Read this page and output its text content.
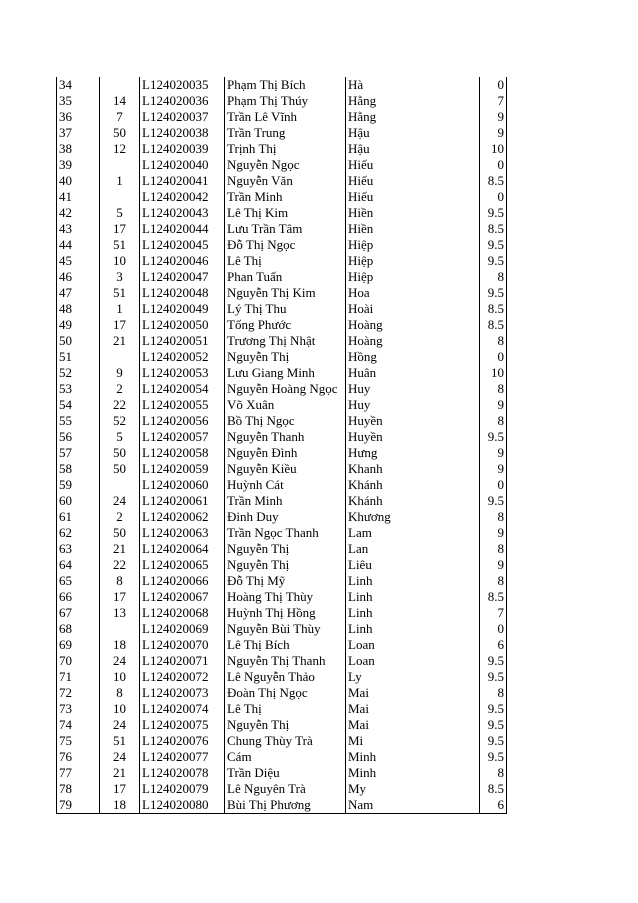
34		L124020035	Phạm Thị Bích	Hà		0
35	14	L124020036	Phạm Thị Thúy	Hằng		7
36	7	L124020037	Trần Lê Vĩnh	Hằng		9
37	50	L124020038	Trần Trung	Hậu		9
38	12	L124020039	Trịnh Thị	Hậu		10
39		L124020040	Nguyễn Ngọc	Hiếu		0
40	1	L124020041	Nguyễn Văn	Hiếu		8.5
41		L124020042	Trần Minh	Hiếu		0
42	5	L124020043	Lê Thị Kim	Hiền		9.5
43	17	L124020044	Lưu Trần Tâm	Hiền		8.5
44	51	L124020045	Đỗ Thị Ngọc	Hiệp		9.5
45	10	L124020046	Lê Thị	Hiệp		9.5
46	3	L124020047	Phan Tuấn	Hiệp		8
47	51	L124020048	Nguyễn Thị Kim	Hoa		9.5
48	1	L124020049	Lý Thị Thu	Hoài		8.5
49	17	L124020050	Tống Phước	Hoàng		8.5
50	21	L124020051	Trương Thị Nhật	Hoàng		8
51		L124020052	Nguyễn Thị	Hồng		0
52	9	L124020053	Lưu Giang Minh	Huân		10
53	2	L124020054	Nguyễn Hoàng Ngọc	Huy		8
54	22	L124020055	Võ Xuân	Huy		9
55	52	L124020056	Bồ Thị Ngọc	Huyền		8
56	5	L124020057	Nguyễn Thanh	Huyền		9.5
57	50	L124020058	Nguyễn Đình	Hưng		9
58	50	L124020059	Nguyễn Kiều	Khanh		9
59		L124020060	Huỳnh Cát	Khánh		0
60	24	L124020061	Trần Minh	Khánh		9.5
61	2	L124020062	Đinh Duy	Khương		8
62	50	L124020063	Trần Ngọc Thanh	Lam		9
63	21	L124020064	Nguyễn Thị	Lan		8
64	22	L124020065	Nguyễn Thị	Liêu		9
65	8	L124020066	Đỗ Thị Mỹ	Linh		8
66	17	L124020067	Hoàng Thị Thùy	Linh		8.5
67	13	L124020068	Huỳnh Thị Hồng	Linh		7
68		L124020069	Nguyễn Bùi Thùy	Linh		0
69	18	L124020070	Lê Thị Bích	Loan		6
70	24	L124020071	Nguyễn Thị Thanh	Loan		9.5
71	10	L124020072	Lê Nguyễn Thảo	Ly		9.5
72	8	L124020073	Đoàn Thị Ngọc	Mai		8
73	10	L124020074	Lê Thị	Mai		9.5
74	24	L124020075	Nguyễn Thị	Mai		9.5
75	51	L124020076	Chung Thùy Trà	Mi		9.5
76	24	L124020077	Cám	Minh		9.5
77	21	L124020078	Trần Diệu	Minh		8
78	17	L124020079	Lê Nguyên Trà	My		8.5
79	18	L124020080	Bùi Thị Phương	Nam		6
